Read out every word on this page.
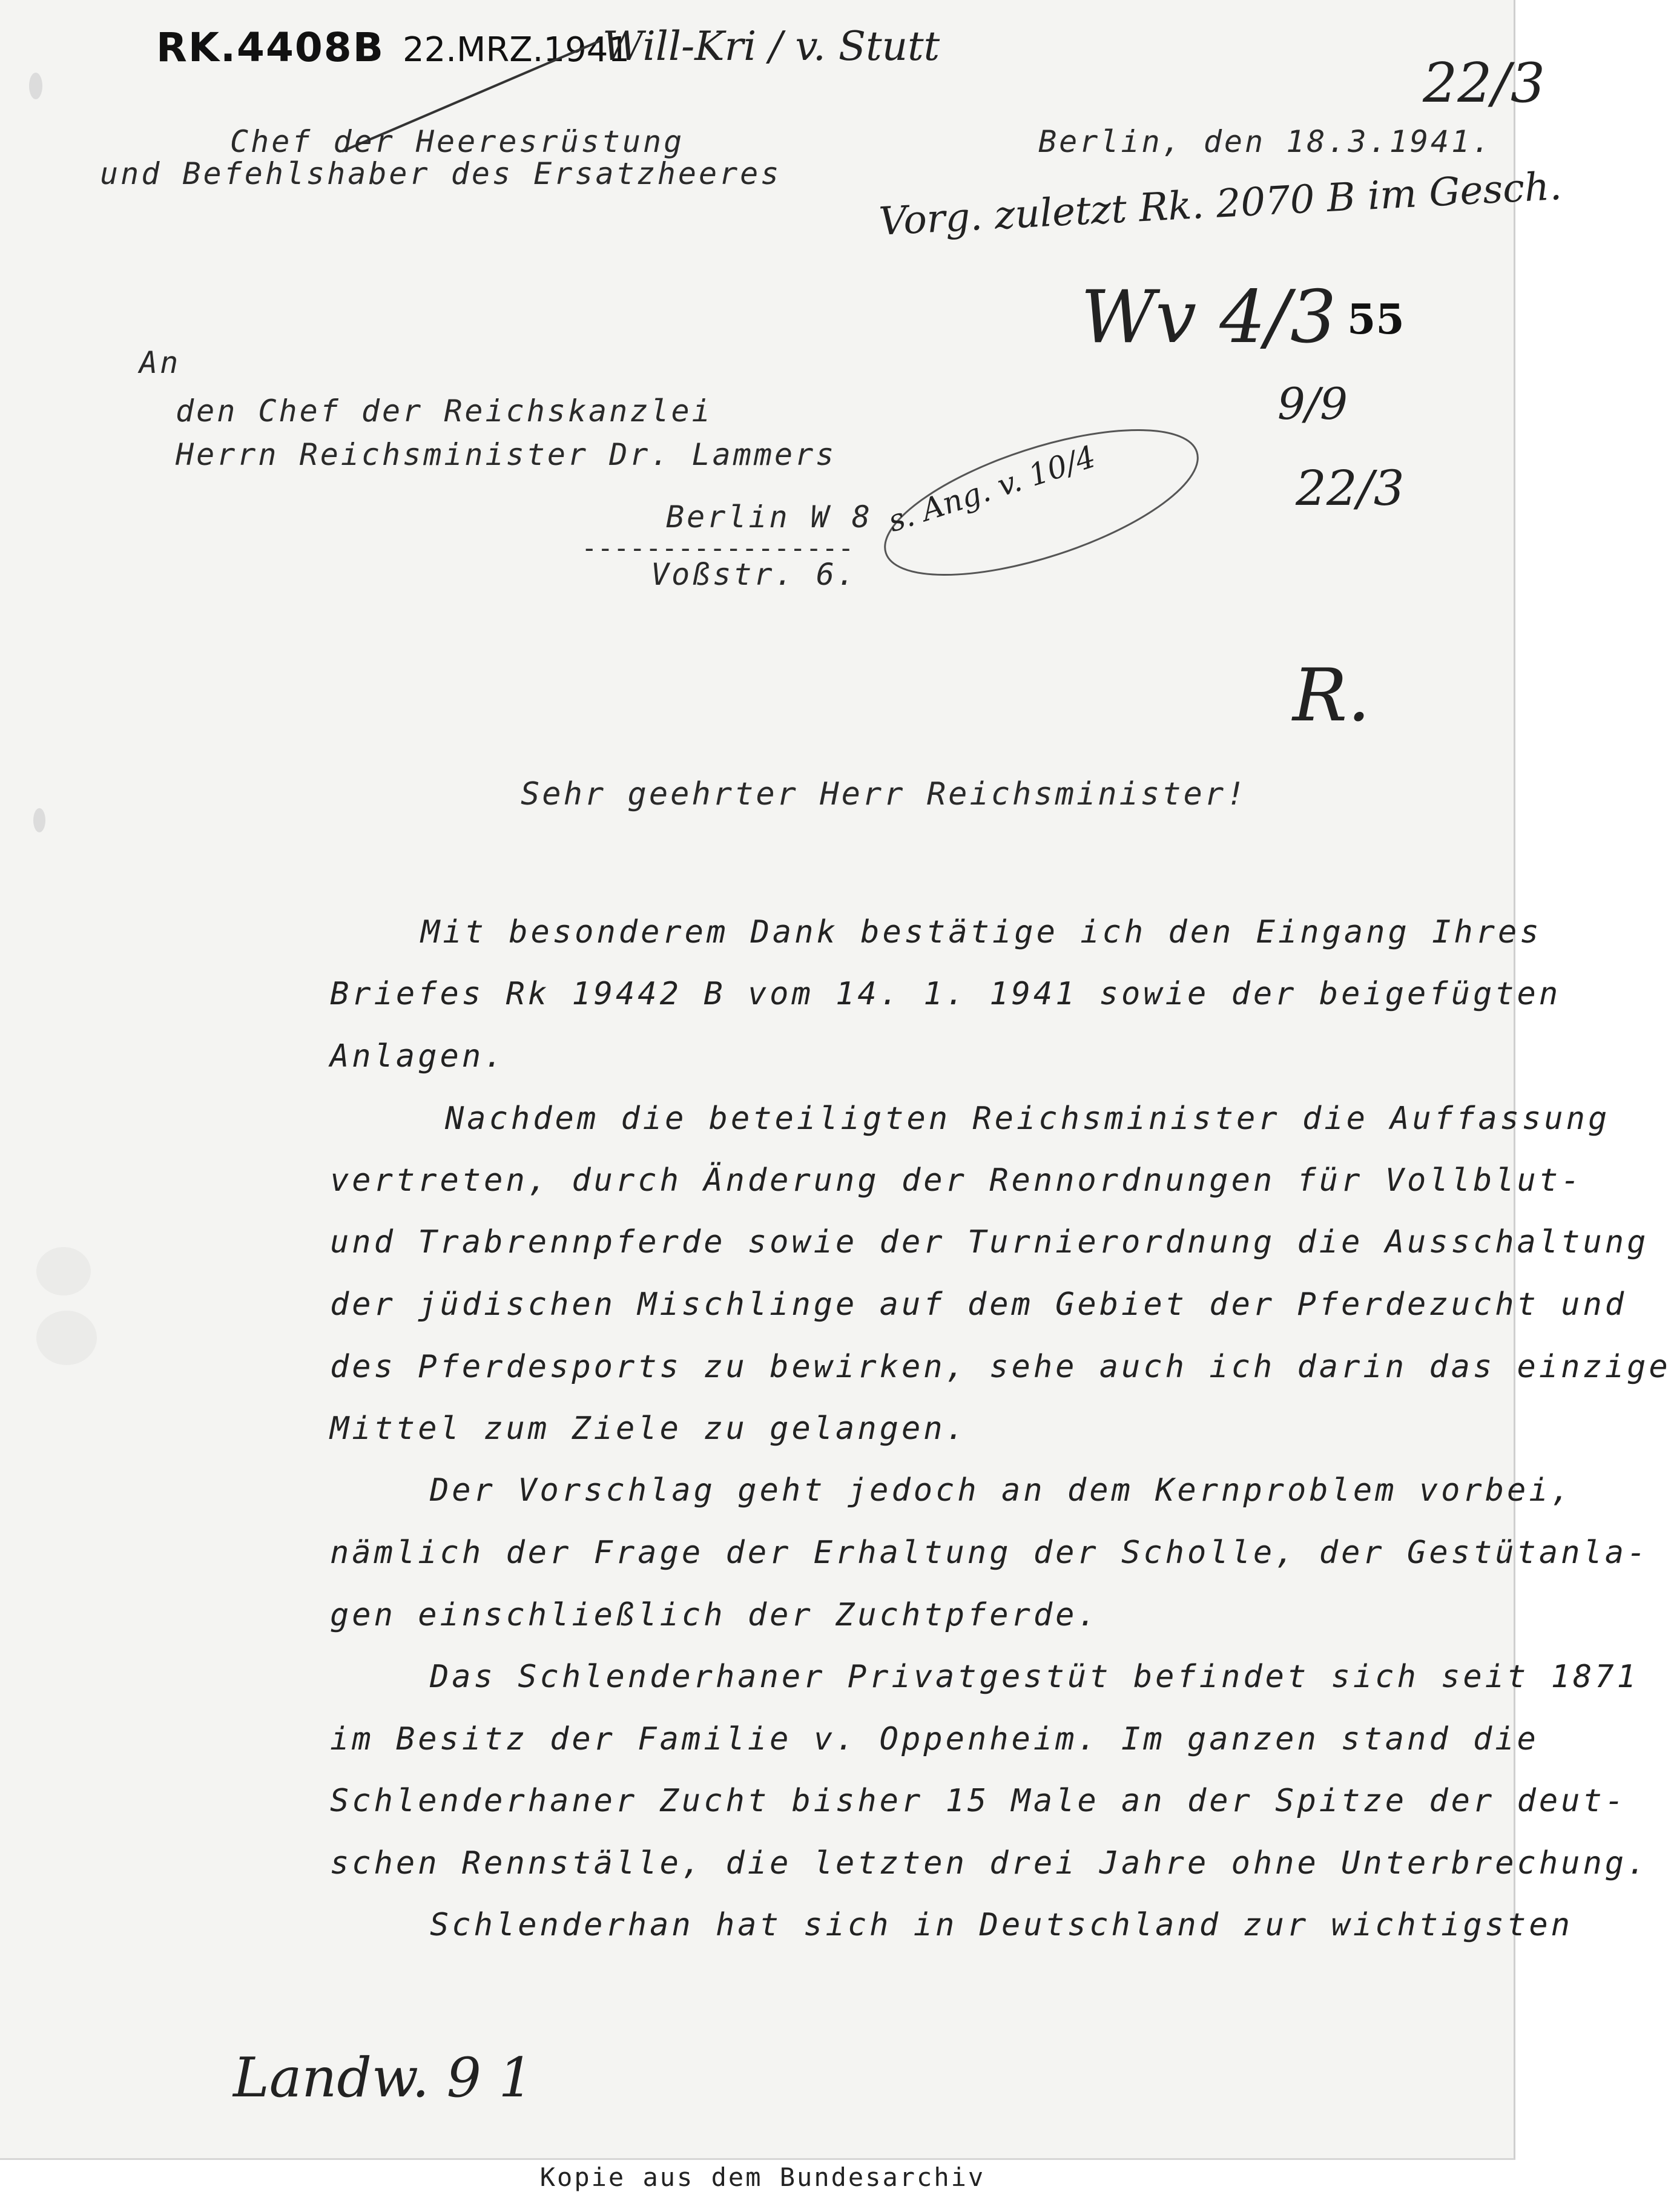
RK.4408B 22.MRZ.1941
Will-Kri / v. Stutt
Chef der Heeresrüstung
und Befehlshaber des Ersatzheeres
Berlin, den 18.3.1941.
Vorg. zuletzt Rk. 2070 B im Gesch.
55
Wv 4/3
22/3
9/9
22/3
R.
s. Ang. v. 10/4
An
den Chef der Reichskanzlei
Herrn Reichsminister Dr. Lammers
Berlin W 8
-----------------
Voßstr. 6.
Sehr geehrter Herr Reichsminister!
Mit besonderem Dank bestätige ich den Eingang Ihres
Briefes Rk 19442 B vom 14. 1. 1941 sowie der beigefügten
Anlagen.
Nachdem die beteiligten Reichsminister die Auffassung
vertreten, durch Änderung der Rennordnungen für Vollblut-
und Trabrennpferde sowie der Turnierordnung die Ausschaltung
der jüdischen Mischlinge auf dem Gebiet der Pferdezucht und
des Pferdesports zu bewirken, sehe auch ich darin das einzige
Mittel zum Ziele zu gelangen.
Der Vorschlag geht jedoch an dem Kernproblem vorbei,
nämlich der Frage der Erhaltung der Scholle, der Gestütanla-
gen einschließlich der Zuchtpferde.
Das Schlenderhaner Privatgestüt befindet sich seit 1871
im Besitz der Familie v. Oppenheim. Im ganzen stand die
Schlenderhaner Zucht bisher 15 Male an der Spitze der deut-
schen Rennställe, die letzten drei Jahre ohne Unterbrechung.
Schlenderhan hat sich in Deutschland zur wichtigsten
Landw. 9 1
Kopie aus dem Bundesarchiv
